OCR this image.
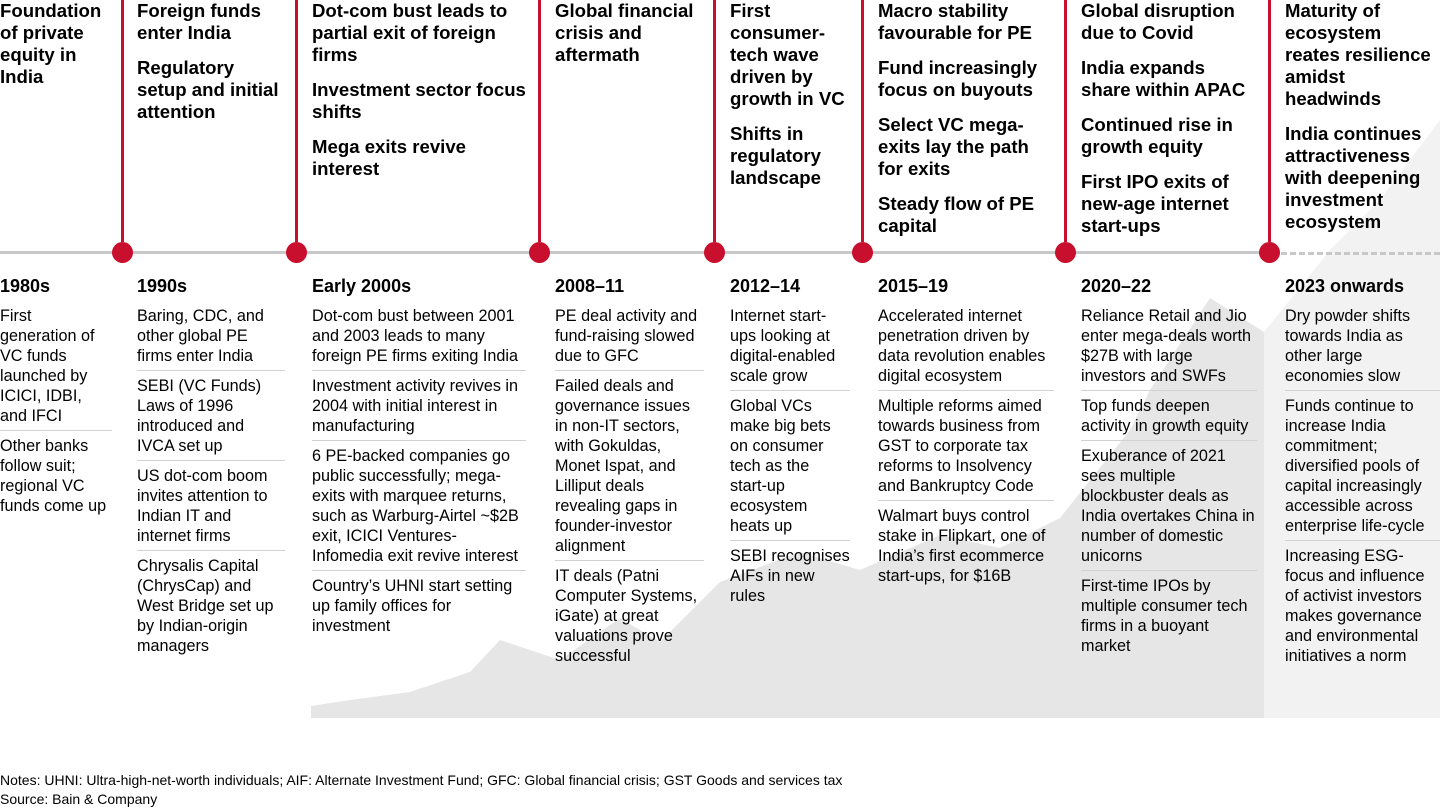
Foundation of private equity in India
1980s
First generation of VC funds launched by ICICI, IDBI, and IFCI
Other banks follow suit; regional VC funds come up
Foreign funds enter India
Regulatory setup and initial attention
1990s
Baring, CDC, and other global PE firms enter India
SEBI (VC Funds) Laws of 1996 introduced and IVCA set up
US dot-com boom invites attention to Indian IT and internet firms
Chrysalis Capital (ChrysCap) and West Bridge set up by Indian-origin managers
Dot-com bust leads to partial exit of foreign firms
Investment sector focus shifts
Mega exits revive interest
Early 2000s
Dot-com bust between 2001 and 2003 leads to many foreign PE firms exiting India
Investment activity revives in 2004 with initial interest in manufacturing
6 PE-backed companies go public successfully; mega-exits with marquee returns, such as Warburg-Airtel ~$2B exit, ICICI Ventures-Infomedia exit revive interest
Country’s UHNI start setting up family offices for investment
Global financial crisis and aftermath
2008–11
PE deal activity and fund-raising slowed due to GFC
Failed deals and governance issues in non-IT sectors, with Gokuldas, Monet Ispat, and Lilliput deals revealing gaps in founder-investor alignment
IT deals (Patni Computer Systems, iGate) at great valuations prove successful
First consumer-tech wave driven by growth in VC
Shifts in regulatory landscape
2012–14
Internet start-ups looking at digital-enabled scale grow
Global VCs make big bets on consumer tech as the start-up ecosystem heats up
SEBI recognises AIFs in new rules
Macro stability favourable for PE
Fund increasingly focus on buyouts
Select VC mega-exits lay the path for exits
Steady flow of PE capital
2015–19
Accelerated internet penetration driven by data revolution enables digital ecosystem
Multiple reforms aimed towards business from GST to corporate tax reforms to Insolvency and Bankruptcy Code
Walmart buys control stake in Flipkart, one of India’s first ecommerce start-ups, for $16B
Global disruption due to Covid
India expands share within APAC
Continued rise in growth equity
First IPO exits of new-age internet start-ups
2020–22
Reliance Retail and Jio enter mega-deals worth $27B with large investors and SWFs
Top funds deepen activity in growth equity
Exuberance of 2021 sees multiple blockbuster deals as India overtakes China in number of domestic unicorns
First-time IPOs by multiple consumer tech firms in a buoyant market
Maturity of ecosystem reates resilience amidst headwinds
India continues attractiveness with deepening investment ecosystem
2023 onwards
Dry powder shifts towards India as other large economies slow
Funds continue to increase India commitment; diversified pools of capital increasingly accessible across enterprise life-cycle
Increasing ESG-focus and influence of activist investors makes governance and environmental initiatives a norm
Notes: UHNI: Ultra-high-net-worth individuals; AIF: Alternate Investment Fund; GFC: Global financial crisis; GST Goods and services tax
Source: Bain & Company
